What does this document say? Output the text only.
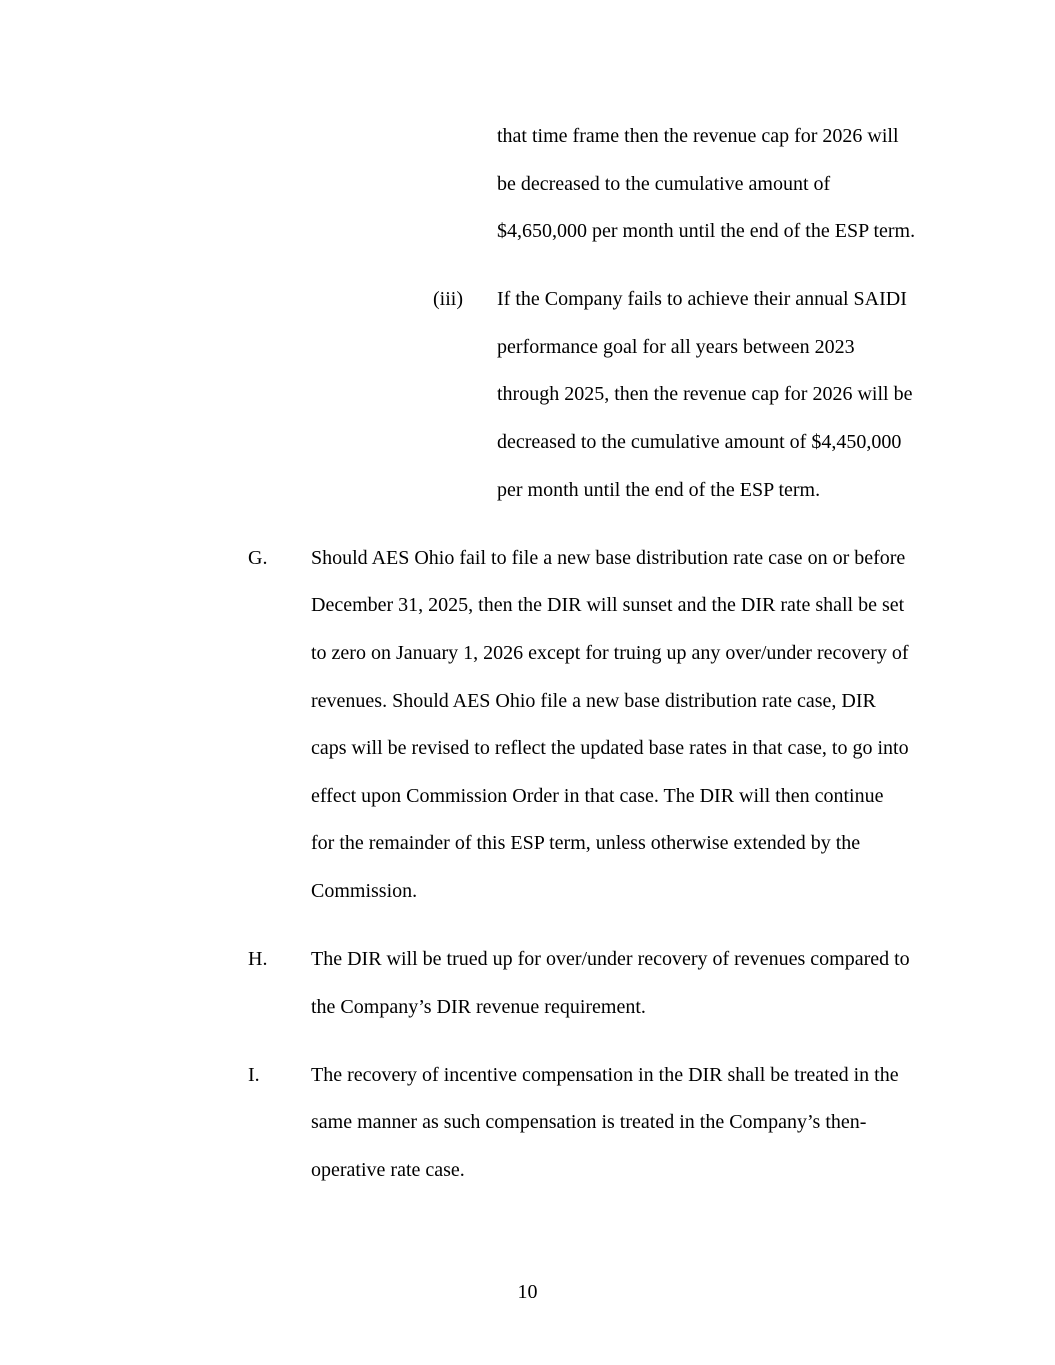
that time frame then the revenue cap for 2026 will
be decreased to the cumulative amount of
$4,650,000 per month until the end of the ESP term.
(iii) If the Company fails to achieve their annual SAIDI
performance goal for all years between 2023
through 2025, then the revenue cap for 2026 will be
decreased to the cumulative amount of $4,450,000
per month until the end of the ESP term.
G. Should AES Ohio fail to file a new base distribution rate case on or before
December 31, 2025, then the DIR will sunset and the DIR rate shall be set
to zero on January 1, 2026 except for truing up any over/under recovery of
revenues. Should AES Ohio file a new base distribution rate case, DIR
caps will be revised to reflect the updated base rates in that case, to go into
effect upon Commission Order in that case. The DIR will then continue
for the remainder of this ESP term, unless otherwise extended by the
Commission.
H. The DIR will be trued up for over/under recovery of revenues compared to
the Company’s DIR revenue requirement.
I.	The recovery of incentive compensation in the DIR shall be treated in the
same manner as such compensation is treated in the Company’s then-
operative rate case.
10
